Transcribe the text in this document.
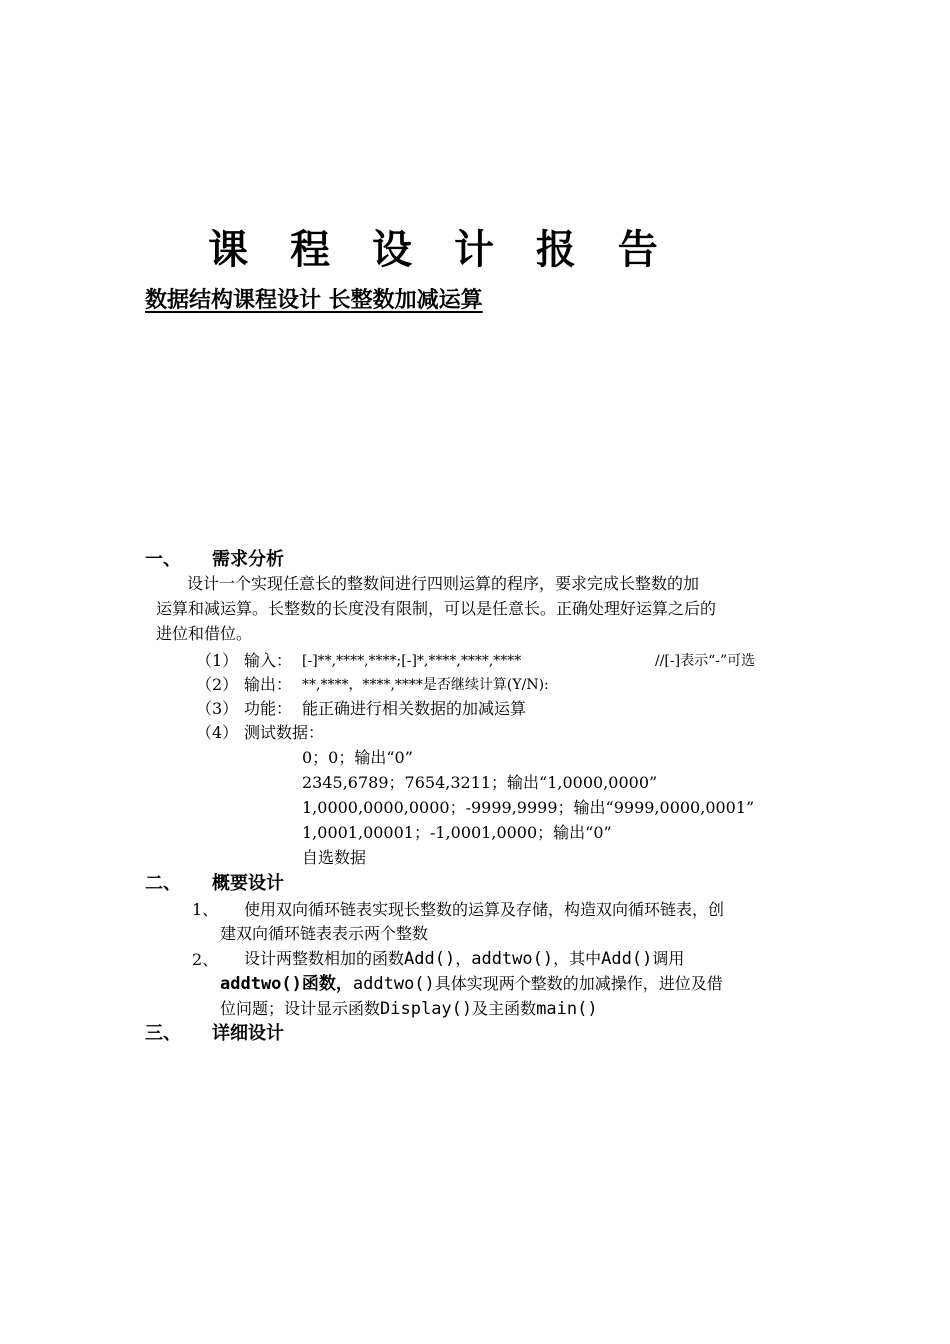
课 程 设 计 报 告
数据结构课程设计 长整数加减运算
一、 需求分析
设计一个实现任意长的整数间进行四则运算的程序，要求完成长整数的加
运算和减运算。长整数的长度没有限制，可以是任意长。正确处理好运算之后的
进位和借位。
（1） 输入： [-]**,****,****;[-]*,****,****,****	//[-]表示“-”可选
（2） 输出： **,****，****,****是否继续计算(Y/N):
（3） 功能： 能正确进行相关数据的加减运算
（4） 测试数据：
0；0；输出“0”
2345,6789；7654,3211；输出“1,0000,0000”
1,0000,0000,0000；-9999,9999；输出“9999,0000,0001”
1,0001,00001；-1,0001,0000；输出“0”
自选数据
二、 概要设计
1、 使用双向循环链表实现长整数的运算及存储，构造双向循环链表，创
建双向循环链表表示两个整数
2、 设计两整数相加的函数Add()，addtwo()，其中Add()调用
addtwo()函数，addtwo()具体实现两个整数的加减操作，进位及借
位问题；设计显示函数Display()及主函数main()
三、 详细设计
